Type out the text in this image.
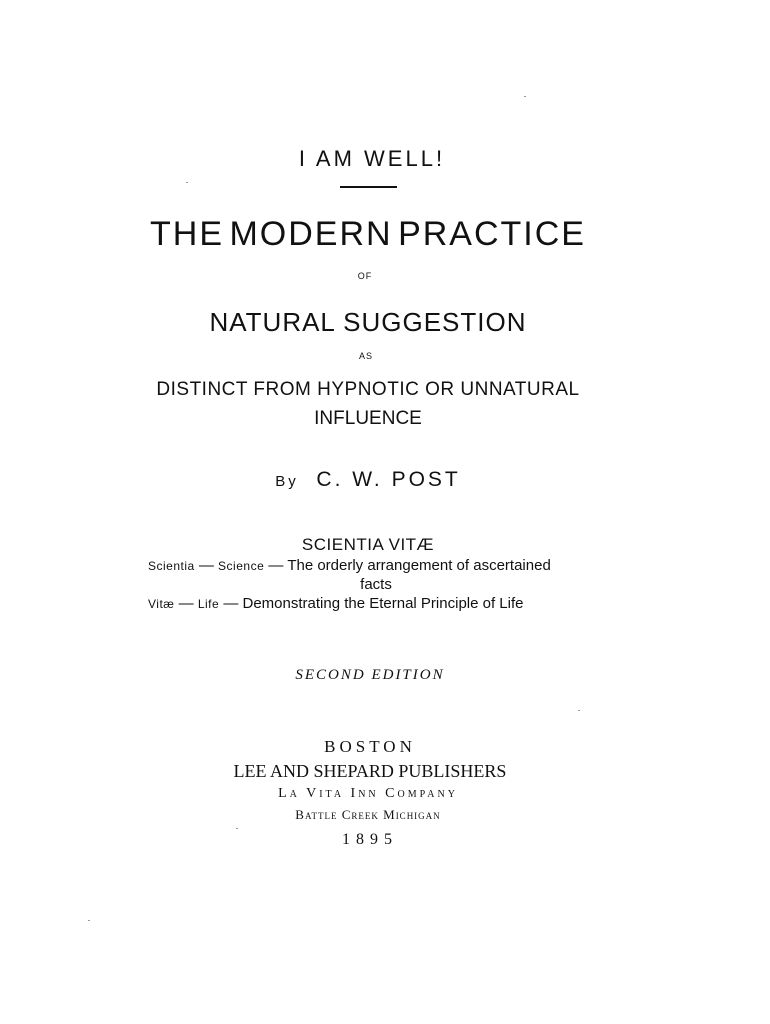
I AM WELL!
THE MODERN PRACTICE
OF
NATURAL SUGGESTION
AS
DISTINCT FROM HYPNOTIC OR UNNATURAL
INFLUENCE
By C. W. POST
SCIENTIA VITÆ
Scientia — Science — The orderly arrangement of ascertained
facts
Vitæ — Life — Demonstrating the Eternal Principle of Life
SECOND EDITION
BOSTON
LEE AND SHEPARD PUBLISHERS
La Vita Inn Company
Battle Creek Michigan
1895
